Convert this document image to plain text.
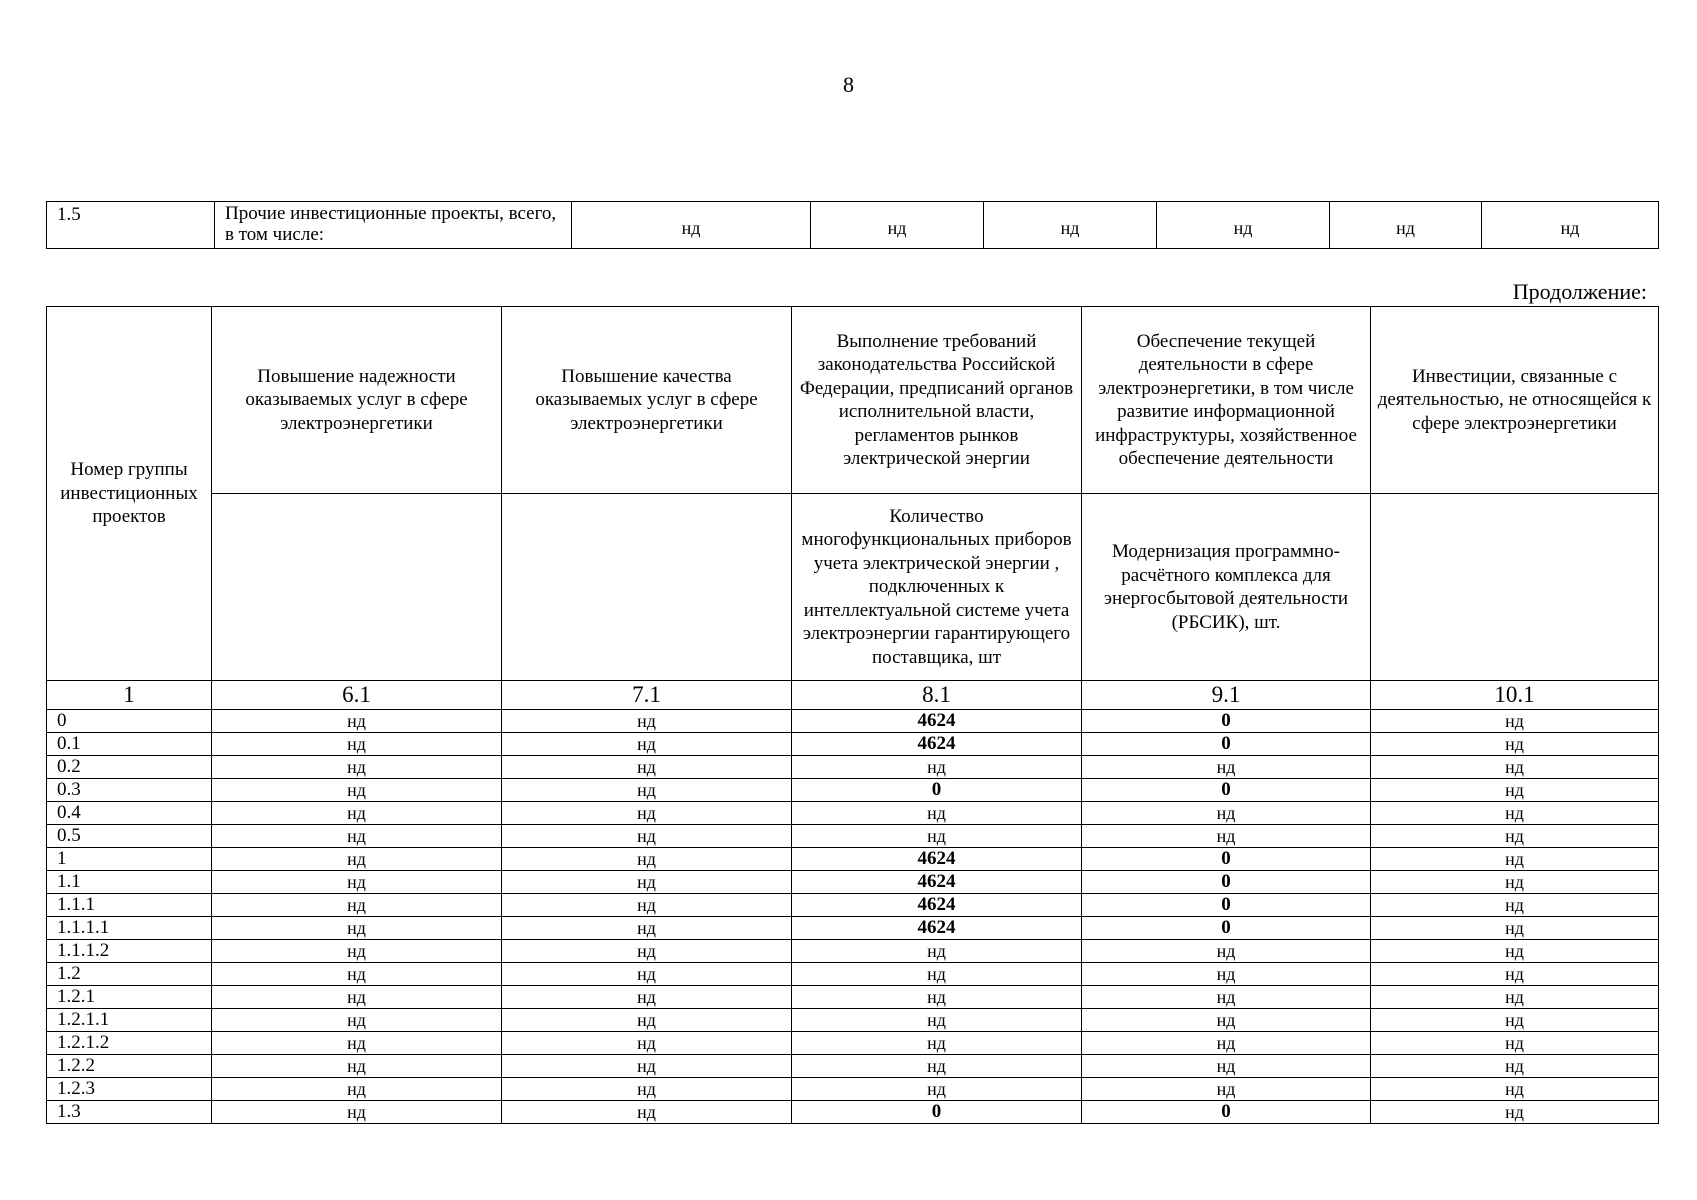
8
1.5	Прочие инвестиционные проекты, всего, в том числе:	нд	нд	нд	нд	нд	нд
Продолжение:
Номер группы инвестиционных проектов	Повышение надежности оказываемых услуг в сфере электроэнергетики	Повышение качества оказываемых услуг в сфере электроэнергетики	Выполнение требований законодательства Российской Федерации, предписаний органов исполнительной власти, регламентов рынков электрической энергии	Обеспечение текущей деятельности в сфере электроэнергетики, в том числе развитие информационной инфраструктуры, хозяйственное обеспечение деятельности	Инвестиции, связанные с деятельностью, не относящейся к сфере электроэнергетики
			Количество многофункциональных приборов учета электрической энергии , подключенных к интеллектуальной системе учета электроэнергии гарантирующего поставщика, шт	Модернизация программно-расчётного комплекса для энергосбытовой деятельности (РБСИК), шт.	
1	6.1	7.1	8.1	9.1	10.1
0	нд	нд	4624	0	нд
0.1	нд	нд	4624	0	нд
0.2	нд	нд	нд	нд	нд
0.3	нд	нд	0	0	нд
0.4	нд	нд	нд	нд	нд
0.5	нд	нд	нд	нд	нд
1	нд	нд	4624	0	нд
1.1	нд	нд	4624	0	нд
1.1.1	нд	нд	4624	0	нд
1.1.1.1	нд	нд	4624	0	нд
1.1.1.2	нд	нд	нд	нд	нд
1.2	нд	нд	нд	нд	нд
1.2.1	нд	нд	нд	нд	нд
1.2.1.1	нд	нд	нд	нд	нд
1.2.1.2	нд	нд	нд	нд	нд
1.2.2	нд	нд	нд	нд	нд
1.2.3	нд	нд	нд	нд	нд
1.3	нд	нд	0	0	нд
